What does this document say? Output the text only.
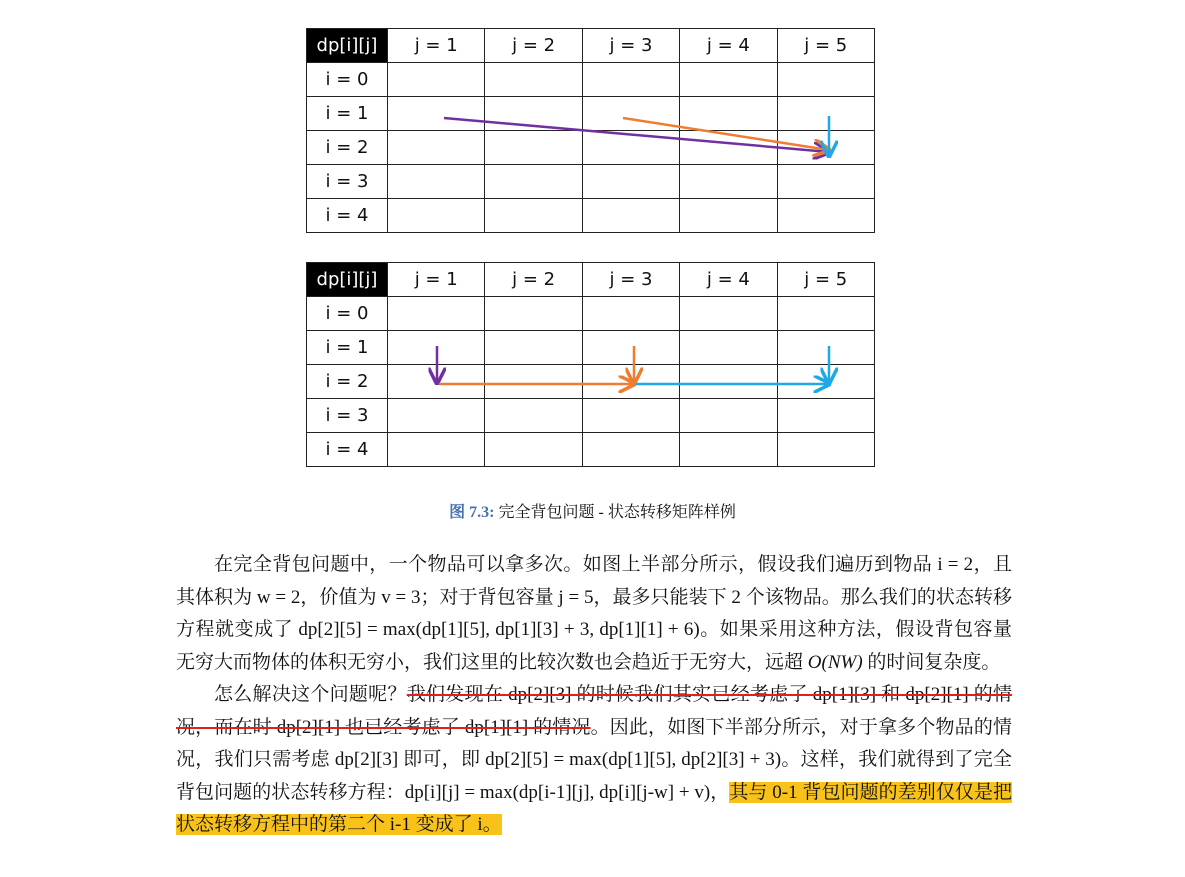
dp[i][j]	j = 1	j = 2	j = 3	j = 4	j = 5
i = 0					
i = 1					
i = 2					
i = 3					
i = 4					
dp[i][j]	j = 1	j = 2	j = 3	j = 4	j = 5
i = 0					
i = 1					
i = 2					
i = 3					
i = 4					
图 7.3: 完全背包问题 - 状态转移矩阵样例

在完全背包问题中，一个物品可以拿多次。如图上半部分所示，假设我们遍历到物品 i = 2，且其体积为 w = 2，价值为 v = 3；对于背包容量 j = 5，最多只能装下 2 个该物品。那么我们的状态转移方程就变成了 dp[2][5] = max(dp[1][5], dp[1][3] + 3, dp[1][1] + 6)。如果采用这种方法，假设背包容量无穷大而物体的体积无穷小，我们这里的比较次数也会趋近于无穷大，远超 O(NW) 的时间复杂度。

怎么解决这个问题呢？我们发现在 dp[2][3] 的时候我们其实已经考虑了 dp[1][3] 和 dp[2][1] 的情况，而在时 dp[2][1] 也已经考虑了 dp[1][1] 的情况。因此，如图下半部分所示，对于拿多个物品的情况，我们只需考虑 dp[2][3] 即可，即 dp[2][5] = max(dp[1][5], dp[2][3] + 3)。这样，我们就得到了完全背包问题的状态转移方程：dp[i][j] = max(dp[i-1][j], dp[i][j-w] + v)，其与 0-1 背包问题的差别仅仅是把状态转移方程中的第二个 i-1 变成了 i。
